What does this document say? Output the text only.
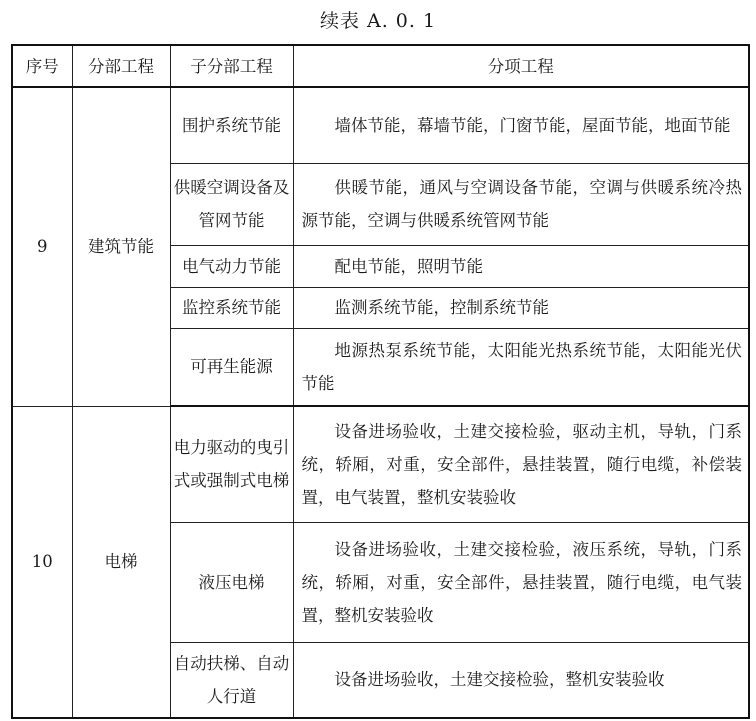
续表 A. 0. 1
序号	分部工程	子分部工程	分项工程
9	建筑节能	围护系统节能	墙体节能，幕墙节能，门窗节能，屋面节能，地面节能
		供暖空调设备及管网节能	供暖节能，通风与空调设备节能，空调与供暖系统冷热源节能，空调与供暖系统管网节能
		电气动力节能	配电节能，照明节能
		监控系统节能	监测系统节能，控制系统节能
		可再生能源	地源热泵系统节能，太阳能光热系统节能，太阳能光伏节能
10	电梯	电力驱动的曳引式或强制式电梯	设备进场验收，土建交接检验，驱动主机，导轨，门系统，轿厢，对重，安全部件，悬挂装置，随行电缆，补偿装置，电气装置，整机安装验收
		液压电梯	设备进场验收，土建交接检验，液压系统，导轨，门系统，轿厢，对重，安全部件，悬挂装置，随行电缆，电气装置，整机安装验收
		自动扶梯、自动人行道	设备进场验收，土建交接检验，整机安装验收
